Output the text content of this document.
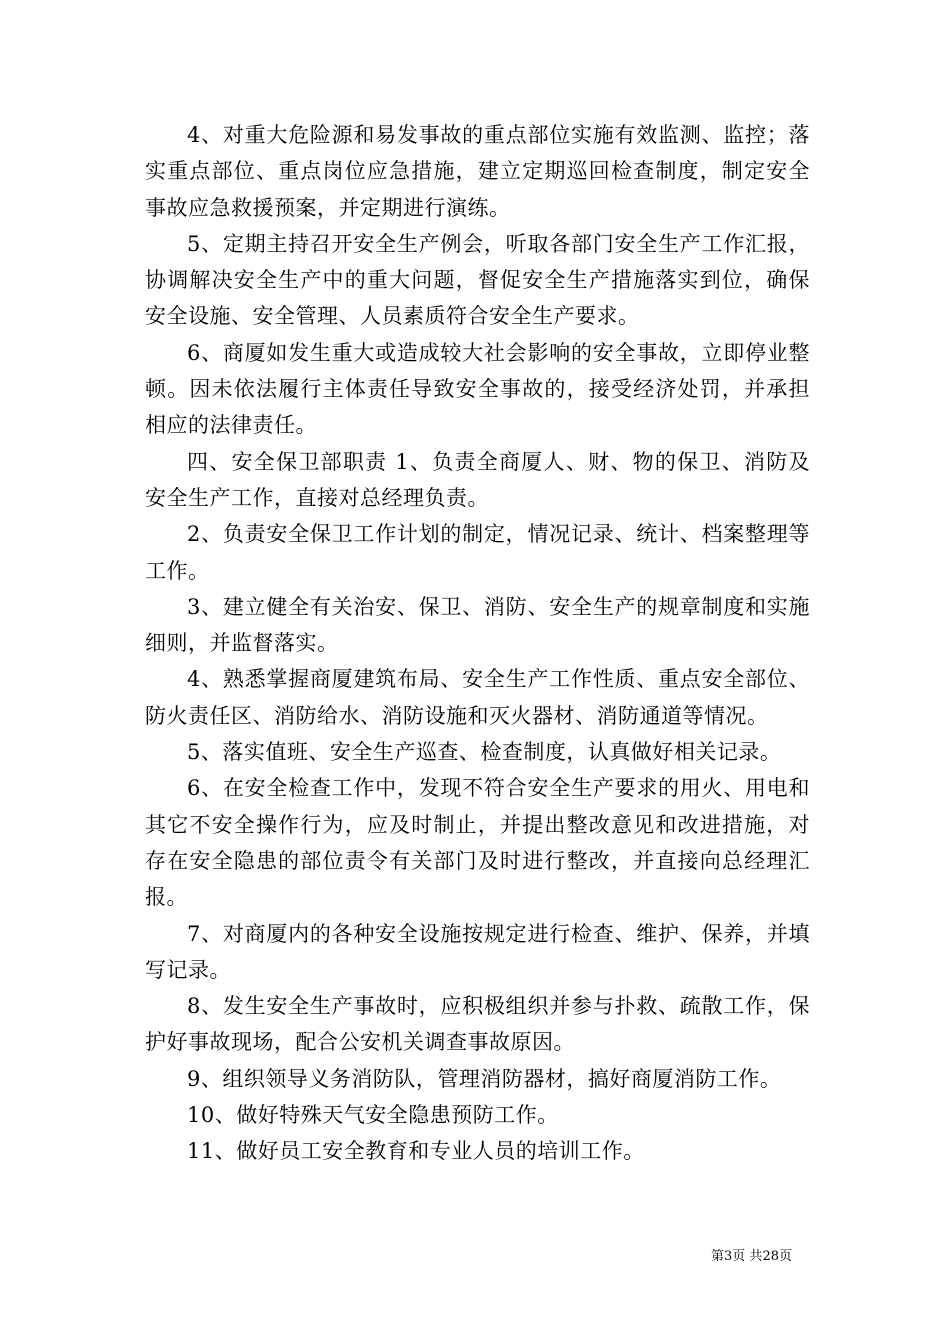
4、对重大危险源和易发事故的重点部位实施有效监测、监控；落实重点部位、重点岗位应急措施，建立定期巡回检查制度，制定安全事故应急救援预案，并定期进行演练。

5、定期主持召开安全生产例会，听取各部门安全生产工作汇报，协调解决安全生产中的重大问题，督促安全生产措施落实到位，确保安全设施、安全管理、人员素质符合安全生产要求。

6、商厦如发生重大或造成较大社会影响的安全事故，立即停业整顿。因未依法履行主体责任导致安全事故的，接受经济处罚，并承担相应的法律责任。

四、安全保卫部职责 1、负责全商厦人、财、物的保卫、消防及安全生产工作，直接对总经理负责。

2、负责安全保卫工作计划的制定，情况记录、统计、档案整理等工作。

3、建立健全有关治安、保卫、消防、安全生产的规章制度和实施细则，并监督落实。

4、熟悉掌握商厦建筑布局、安全生产工作性质、重点安全部位、防火责任区、消防给水、消防设施和灭火器材、消防通道等情况。

5、落实值班、安全生产巡查、检查制度，认真做好相关记录。

6、在安全检查工作中，发现不符合安全生产要求的用火、用电和其它不安全操作行为，应及时制止，并提出整改意见和改进措施，对存在安全隐患的部位责令有关部门及时进行整改，并直接向总经理汇报。

7、对商厦内的各种安全设施按规定进行检查、维护、保养，并填写记录。

8、发生安全生产事故时，应积极组织并参与扑救、疏散工作，保护好事故现场，配合公安机关调查事故原因。

9、组织领导义务消防队，管理消防器材，搞好商厦消防工作。

10、做好特殊天气安全隐患预防工作。

11、做好员工安全教育和专业人员的培训工作。

第3页 共28页
